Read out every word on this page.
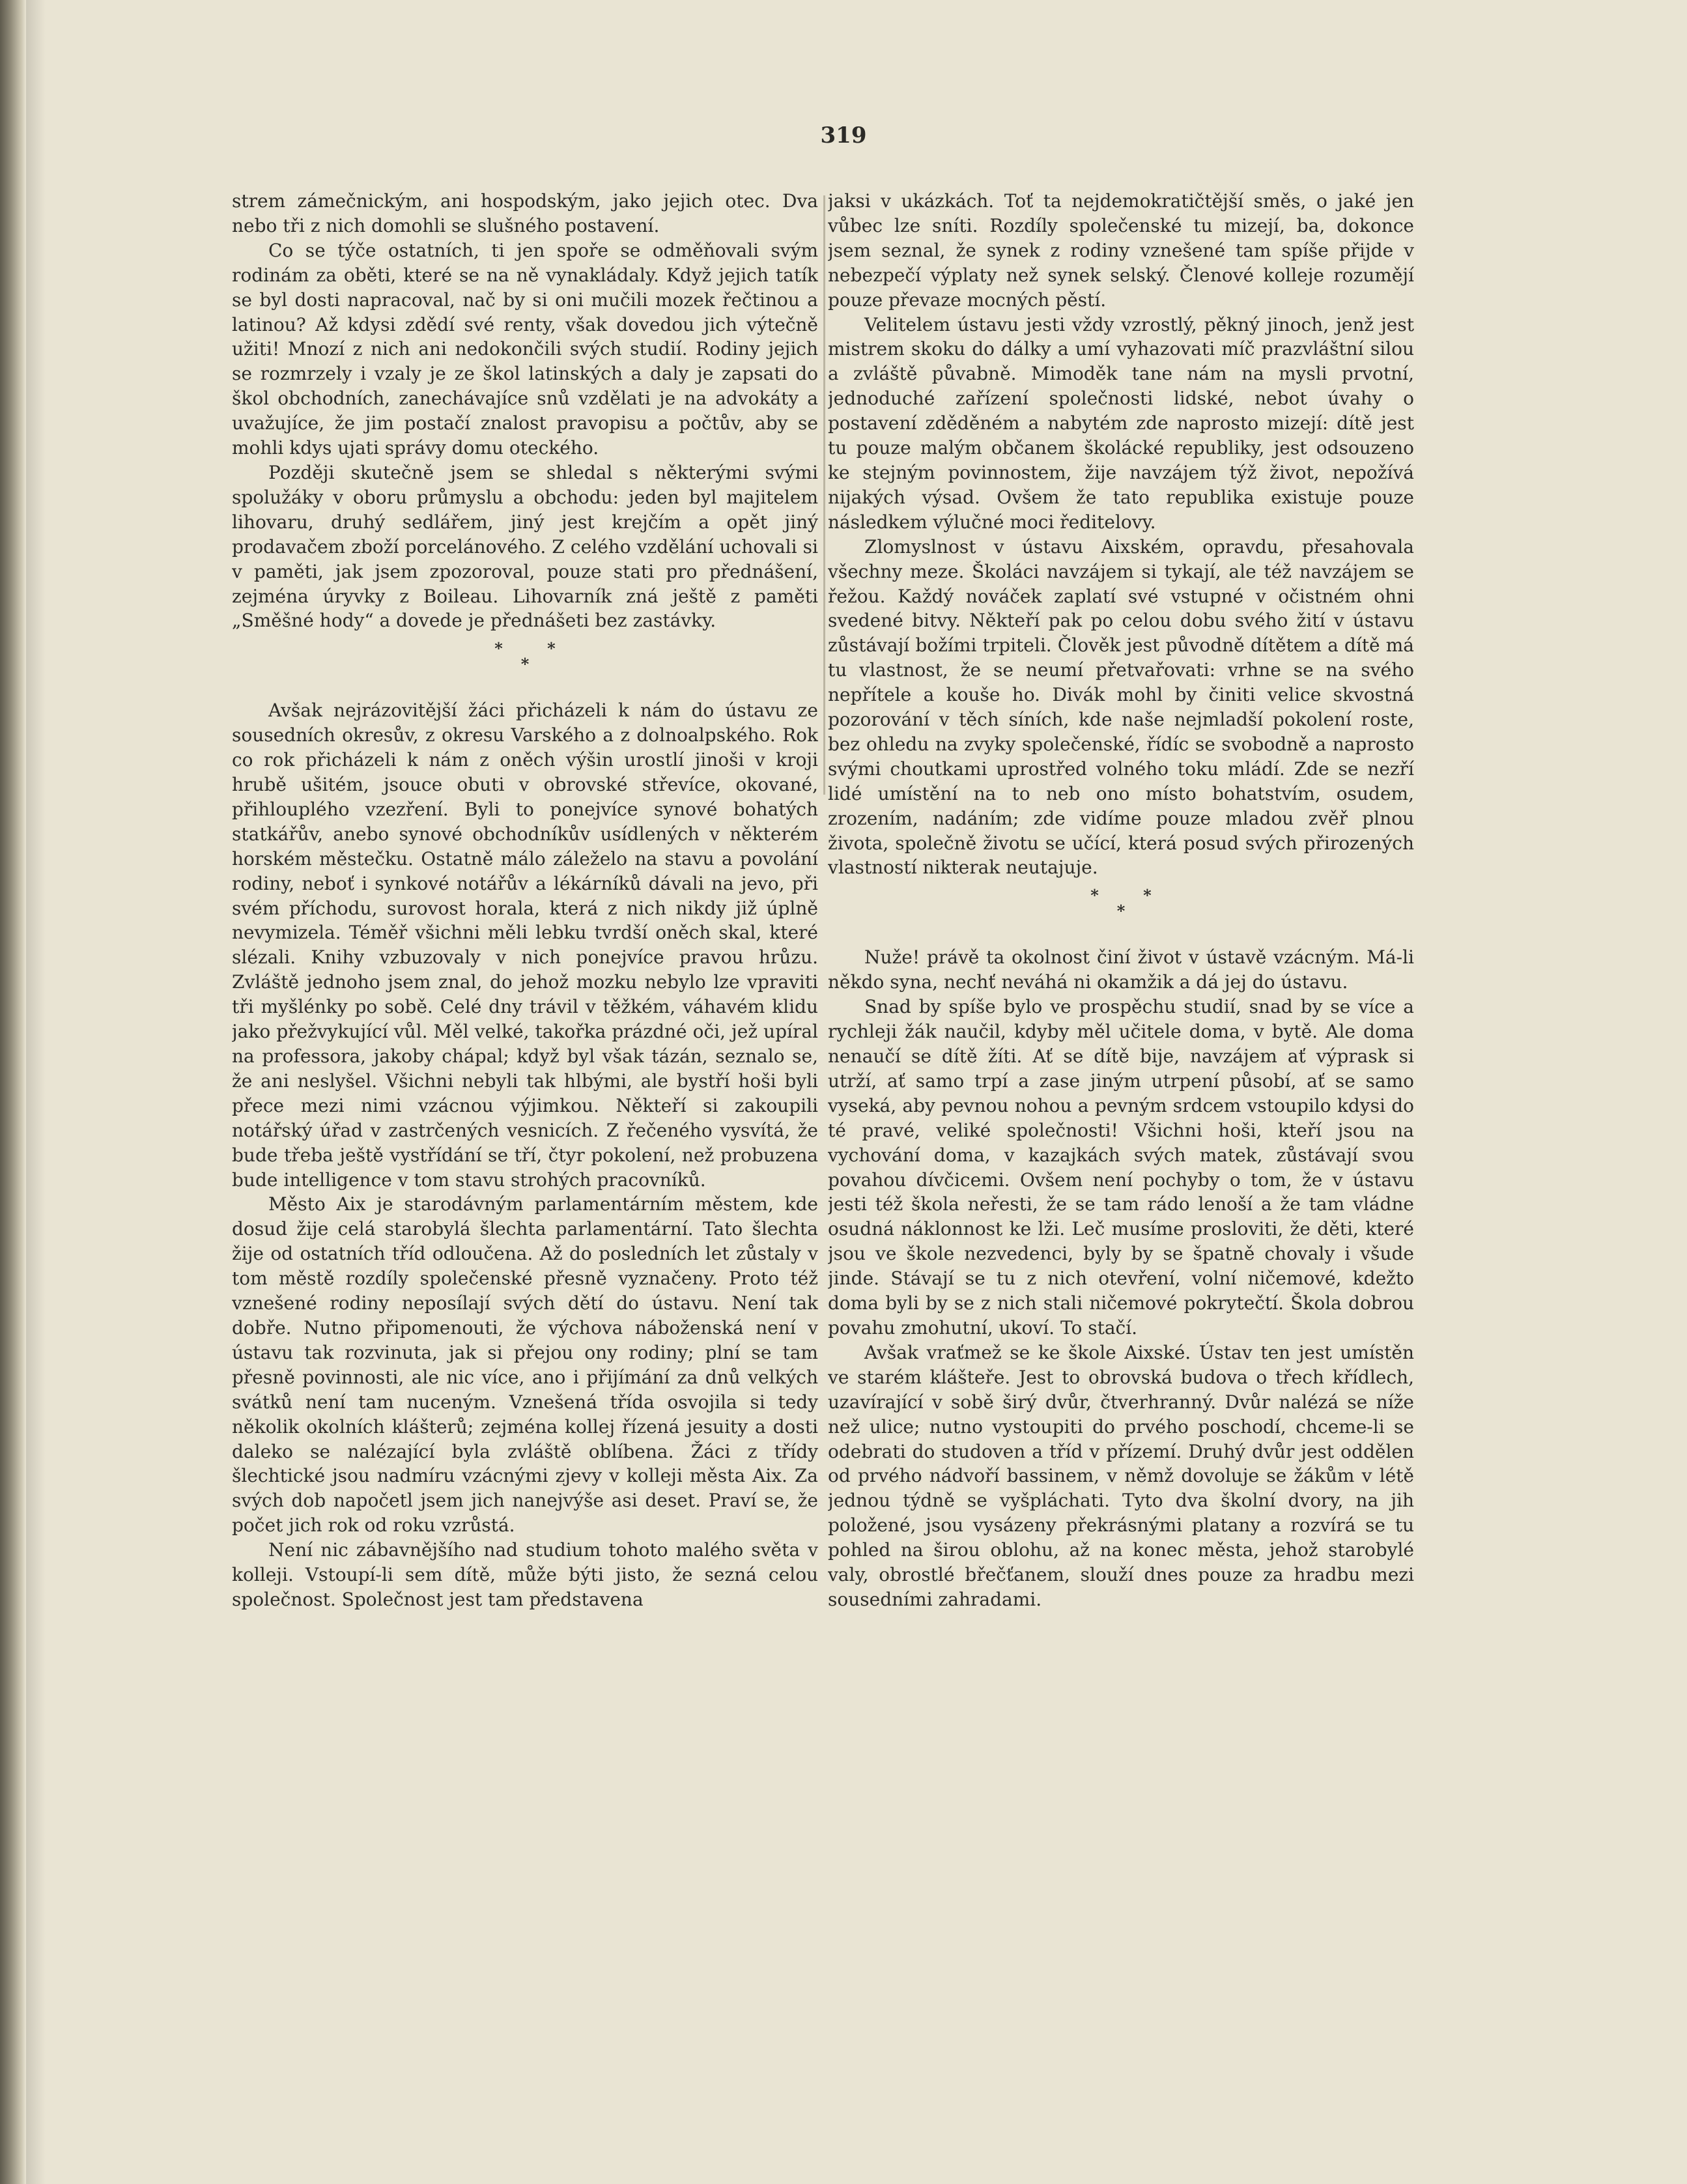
319

strem zámečnickým, ani hospodským, jako jejich otec. Dva nebo tři z nich domohli se slušného postavení.

Co se týče ostatních, ti jen spoře se odměňovali svým rodinám za oběti, které se na ně vynakládaly. Když jejich tatík se byl dosti napracoval, nač by si oni mučili mozek řečtinou a latinou? Až kdysi zdědí své renty, však dovedou jich výtečně užiti! Mnozí z nich ani nedokončili svých studií. Rodiny jejich se rozmrzely i vzaly je ze škol latinských a daly je zapsati do škol obchodních, zanechávajíce snů vzdělati je na advokáty a uvažujíce, že jim postačí znalost pravopisu a počtův, aby se mohli kdys ujati správy domu oteckého.

Později skutečně jsem se shledal s některými svými spolužáky v oboru průmyslu a obchodu: jeden byl majitelem lihovaru, druhý sedlářem, jiný jest krejčím a opět jiný prodavačem zboží porcelánového. Z celého vzdělání uchovali si v paměti, jak jsem zpozoroval, pouze stati pro přednášení, zejména úryvky z Boileau. Lihovarník zná ještě z paměti „Směšné hody“ a dovede je přednášeti bez zastávky.

* *
*

Avšak nejrázovitější žáci přicházeli k nám do ústavu ze sousedních okresův, z okresu Varského a z dolnoalpského. Rok co rok přicházeli k nám z oněch výšin urostlí jinoši v kroji hrubě ušitém, jsouce obuti v obrovské střevíce, okované, přihlouplého vzezření. Byli to ponejvíce synové bohatých statkářův, anebo synové obchodníkův usídlených v některém horském městečku. Ostatně málo záleželo na stavu a povolání rodiny, neboť i synkové notářův a lékárníků dávali na jevo, při svém příchodu, surovost horala, která z nich nikdy již úplně nevymizela. Téměř všichni měli lebku tvrdší oněch skal, které slézali. Knihy vzbuzovaly v nich ponejvíce pravou hrůzu. Zvláště jednoho jsem znal, do jehož mozku nebylo lze vpraviti tři myšlénky po sobě. Celé dny trávil v těžkém, váhavém klidu jako přežvykující vůl. Měl velké, takořka prázdné oči, jež upíral na professora, jakoby chápal; když byl však tázán, seznalo se, že ani neslyšel. Všichni nebyli tak hlbými, ale bystří hoši byli přece mezi nimi vzácnou výjimkou. Někteří si zakoupili notářský úřad v zastrčených vesnicích. Z řečeného vysvítá, že bude třeba ještě vystřídání se tří, čtyr pokolení, než probuzena bude intelligence v tom stavu strohých pracovníků.

Město Aix je starodávným parlamentárním městem, kde dosud žije celá starobylá šlechta parlamentární. Tato šlechta žije od ostatních tříd odloučena. Až do posledních let zůstaly v tom městě rozdíly společenské přesně vyznačeny. Proto též vznešené rodiny neposílají svých dětí do ústavu. Není tak dobře. Nutno připomenouti, že výchova náboženská není v ústavu tak rozvinuta, jak si přejou ony rodiny; plní se tam přesně povinnosti, ale nic více, ano i přijímání za dnů velkých svátků není tam nuceným. Vznešená třída osvojila si tedy několik okolních klášterů; zejména kollej řízená jesuity a dosti daleko se nalézající byla zvláště oblíbena. Žáci z třídy šlechtické jsou nadmíru vzácnými zjevy v kolleji města Aix. Za svých dob napočetl jsem jich nanejvýše asi deset. Praví se, že počet jich rok od roku vzrůstá.

Není nic zábavnějšího nad studium tohoto malého světa v kolleji. Vstoupí-li sem dítě, může býti jisto, že sezná celou společnost. Společnost jest tam představena

jaksi v ukázkách. Toť ta nejdemokratičtější směs, o jaké jen vůbec lze sníti. Rozdíly společenské tu mizejí, ba, dokonce jsem seznal, že synek z rodiny vznešené tam spíše přijde v nebezpečí výplaty než synek selský. Členové kolleje rozumějí pouze převaze mocných pěstí.

Velitelem ústavu jesti vždy vzrostlý, pěkný jinoch, jenž jest mistrem skoku do dálky a umí vyhazovati míč prazvláštní silou a zvláště půvabně. Mimoděk tane nám na mysli prvotní, jednoduché zařízení společnosti lidské, nebot úvahy o postavení zděděném a nabytém zde naprosto mizejí: dítě jest tu pouze malým občanem školácké republiky, jest odsouzeno ke stejným povinnostem, žije navzájem týž život, nepožívá nijakých výsad. Ovšem že tato republika existuje pouze následkem výlučné moci ředitelovy.

Zlomyslnost v ústavu Aixském, opravdu, přesahovala všechny meze. Školáci navzájem si tykají, ale též navzájem se řežou. Každý nováček zaplatí své vstupné v očistném ohni svedené bitvy. Někteří pak po celou dobu svého žití v ústavu zůstávají božími trpiteli. Člověk jest původně dítětem a dítě má tu vlastnost, že se neumí přetvařovati: vrhne se na svého nepřítele a kouše ho. Divák mohl by činiti velice skvostná pozorování v těch síních, kde naše nejmladší pokolení roste, bez ohledu na zvyky společenské, řídíc se svobodně a naprosto svými choutkami uprostřed volného toku mládí. Zde se nezří lidé umístění na to neb ono místo bohatstvím, osudem, zrozením, nadáním; zde vidíme pouze mladou zvěř plnou života, společně životu se učící, která posud svých přirozených vlastností nikterak neutajuje.

* *
*

Nuže! právě ta okolnost činí život v ústavě vzácným. Má-li někdo syna, nechť neváhá ni okamžik a dá jej do ústavu.

Snad by spíše bylo ve prospěchu studií, snad by se více a rychleji žák naučil, kdyby měl učitele doma, v bytě. Ale doma nenaučí se dítě žíti. Ať se dítě bije, navzájem ať výprask si utrží, ať samo trpí a zase jiným utrpení působí, ať se samo vyseká, aby pevnou nohou a pevným srdcem vstoupilo kdysi do té pravé, veliké společnosti! Všichni hoši, kteří jsou na vychování doma, v kazajkách svých matek, zůstávají svou povahou dívčicemi. Ovšem není pochyby o tom, že v ústavu jesti též škola neřesti, že se tam rádo lenoší a že tam vládne osudná náklonnost ke lži. Leč musíme prosloviti, že děti, které jsou ve škole nezvedenci, byly by se špatně chovaly i všude jinde. Stávají se tu z nich otevření, volní ničemové, kdežto doma byli by se z nich stali ničemové pokrytečtí. Škola dobrou povahu zmohutní, ukoví. To stačí.

Avšak vraťmež se ke škole Aixské. Ústav ten jest umístěn ve starém klášteře. Jest to obrovská budova o třech křídlech, uzavírající v sobě širý dvůr, čtverhranný. Dvůr nalézá se níže než ulice; nutno vystoupiti do prvého poschodí, chceme-li se odebrati do studoven a tříd v přízemí. Druhý dvůr jest oddělen od prvého nádvoří bassinem, v němž dovoluje se žákům v létě jednou týdně se vyšpláchati. Tyto dva školní dvory, na jih položené, jsou vysázeny překrásnými platany a rozvírá se tu pohled na širou oblohu, až na konec města, jehož starobylé valy, obrostlé břečťanem, slouží dnes pouze za hradbu mezi sousedními zahradami.
